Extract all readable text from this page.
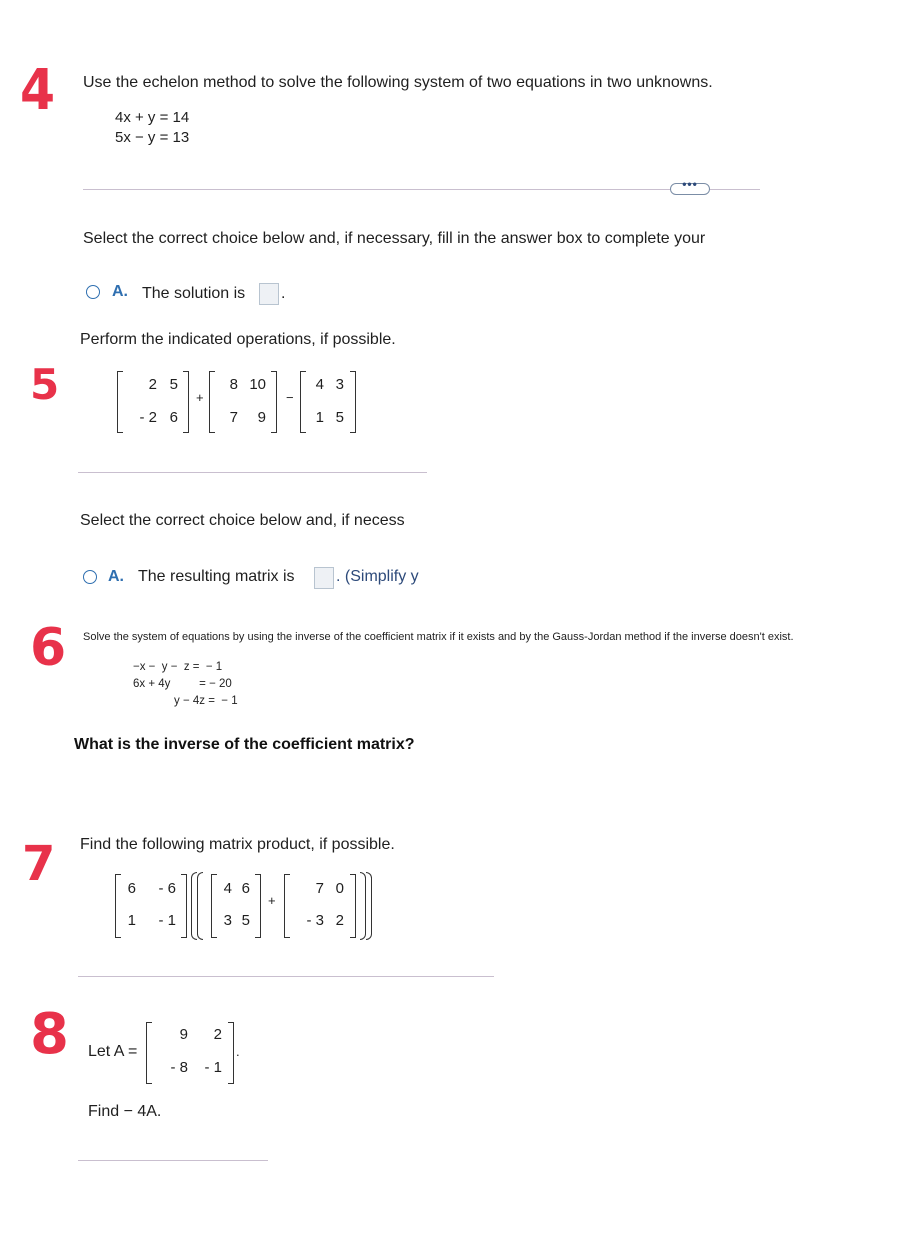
4 Use the echelon method to solve the following system of two equations in two unknowns.
4x + y = 14
5x − y = 13
•••
Select the correct choice below and, if necessary, fill in the answer box to complete your
A. The solution is .
Perform the indicated operations, if possible.
5	2 5
- 2 6
+
8 10
7	9
−
4 3
1 5
Select the correct choice below and, if necess
A. The resulting matrix is	. (Simplify y
6 Solve the system of equations by using the inverse of the coefficient matrix if it exists and by the Gauss-Jordan method if the inverse doesn't exist.
−x −  y −  z =  − 1
6x + 4y         = − 20
y − 4z =  − 1
What is the inverse of the coefficient matrix?
7 Find the following matrix product, if possible.
6	- 6
1	- 1
4 6
3 5
+
7 0
- 3 2
8 Let A =
9	2
- 8	- 1
.
Find − 4A.
